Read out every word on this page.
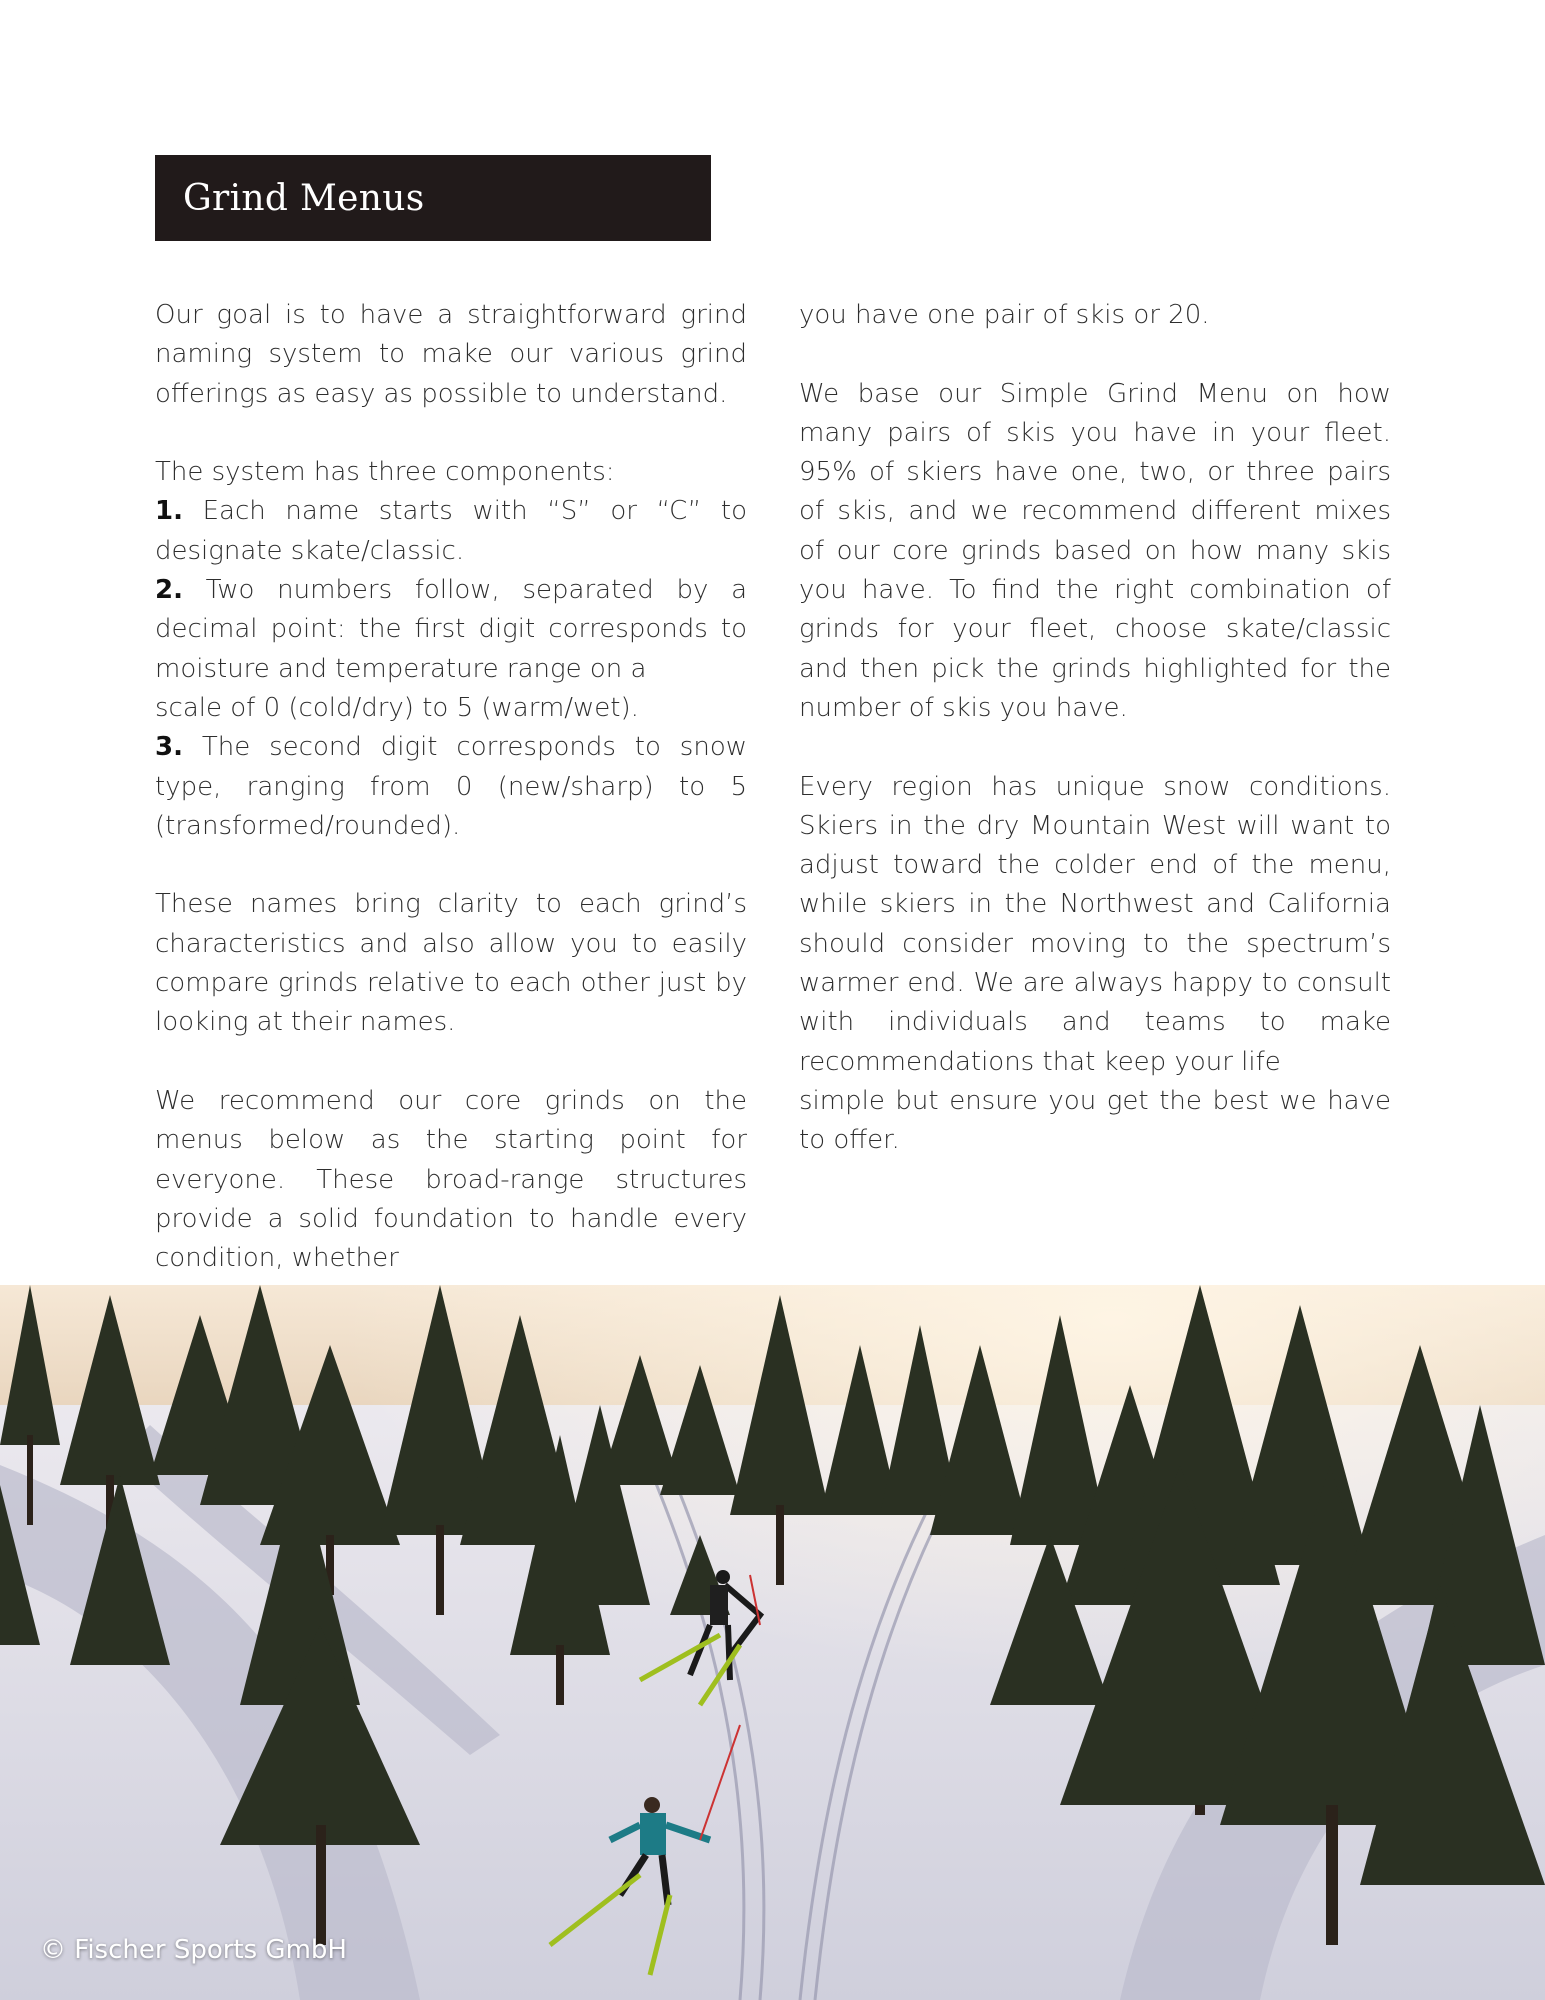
Grind Menus

Our goal is to have a straightforward grind naming system to make our various grind offerings as easy as possible to understand.

The system has three components:
1. Each name starts with “S” or “C” to designate skate/classic.
2. Two numbers follow, separated by a decimal point: the first digit corresponds to moisture and temperature range on a
scale of 0 (cold/dry) to 5 (warm/wet).
3. The second digit corresponds to snow type, ranging from 0 (new/sharp) to 5 (transformed/rounded).

These names bring clarity to each grind’s characteristics and also allow you to easily compare grinds relative to each other just by looking at their names.

We recommend our core grinds on the menus below as the starting point for everyone. These broad-range structures provide a solid foundation to handle every condition, whether

you have one pair of skis or 20.

We base our Simple Grind Menu on how many pairs of skis you have in your fleet. 95% of skiers have one, two, or three pairs of skis, and we recommend different mixes of our core grinds based on how many skis you have. To find the right combination of grinds for your fleet, choose skate/classic and then pick the grinds highlighted for the number of skis you have.

Every region has unique snow conditions. Skiers in the dry Mountain West will want to adjust toward the colder end of the menu, while skiers in the Northwest and California should consider moving to the spectrum’s warmer end. We are always happy to consult with individuals and teams to make recommendations that keep your life
simple but ensure you get the best we have to offer.
© Fischer Sports GmbH
